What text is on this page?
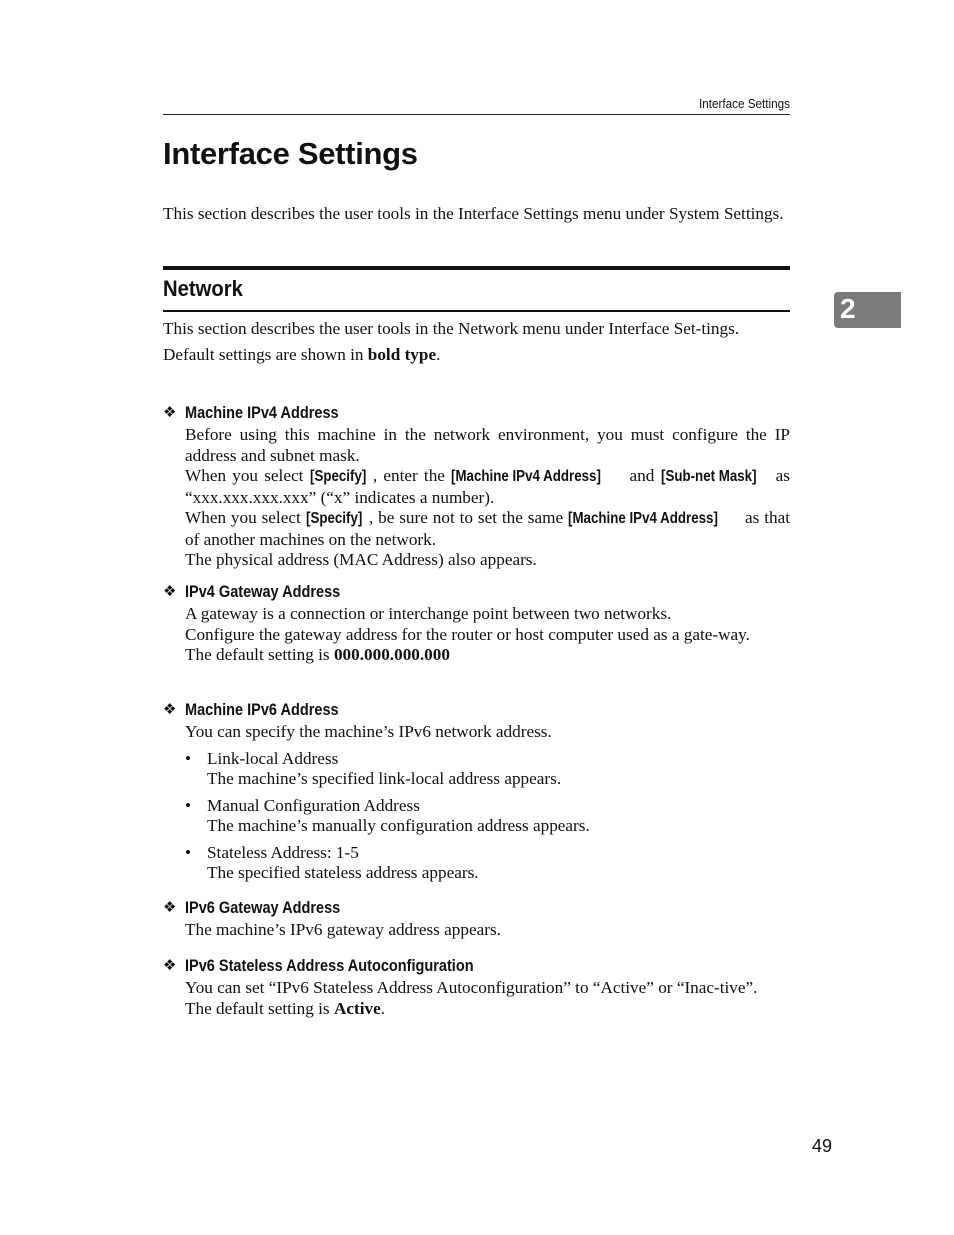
Interface Settings
Interface Settings

This section describes the user tools in the Interface Settings menu under System Settings.

Network
2

This section describes the user tools in the Network menu under Interface Set-tings.

Default settings are shown in bold type.

❖ Machine IPv4 Address

Before using this machine in the network environment, you must configure the IP address and subnet mask.

When you select [Specify] , enter the [Machine IPv4 Address] and [Sub-net Mask] as “xxx.xxx.xxx.xxx” (“x” indicates a number).

When you select [Specify] , be sure not to set the same [Machine IPv4 Address] as that of another machines on the network.

The physical address (MAC Address) also appears.

❖ IPv4 Gateway Address

A gateway is a connection or interchange point between two networks.

Configure the gateway address for the router or host computer used as a gate-way.

The default setting is 000.000.000.000

❖ Machine IPv6 Address

You can specify the machine’s IPv6 network address.

• Link-local Address
The machine’s specified link-local address appears.
• Manual Configuration Address
The machine’s manually configuration address appears.
• Stateless Address: 1-5
The specified stateless address appears.
❖ IPv6 Gateway Address

The machine’s IPv6 gateway address appears.

❖ IPv6 Stateless Address Autoconfiguration

You can set “IPv6 Stateless Address Autoconfiguration” to “Active” or “Inac-tive”.

The default setting is Active.

49
